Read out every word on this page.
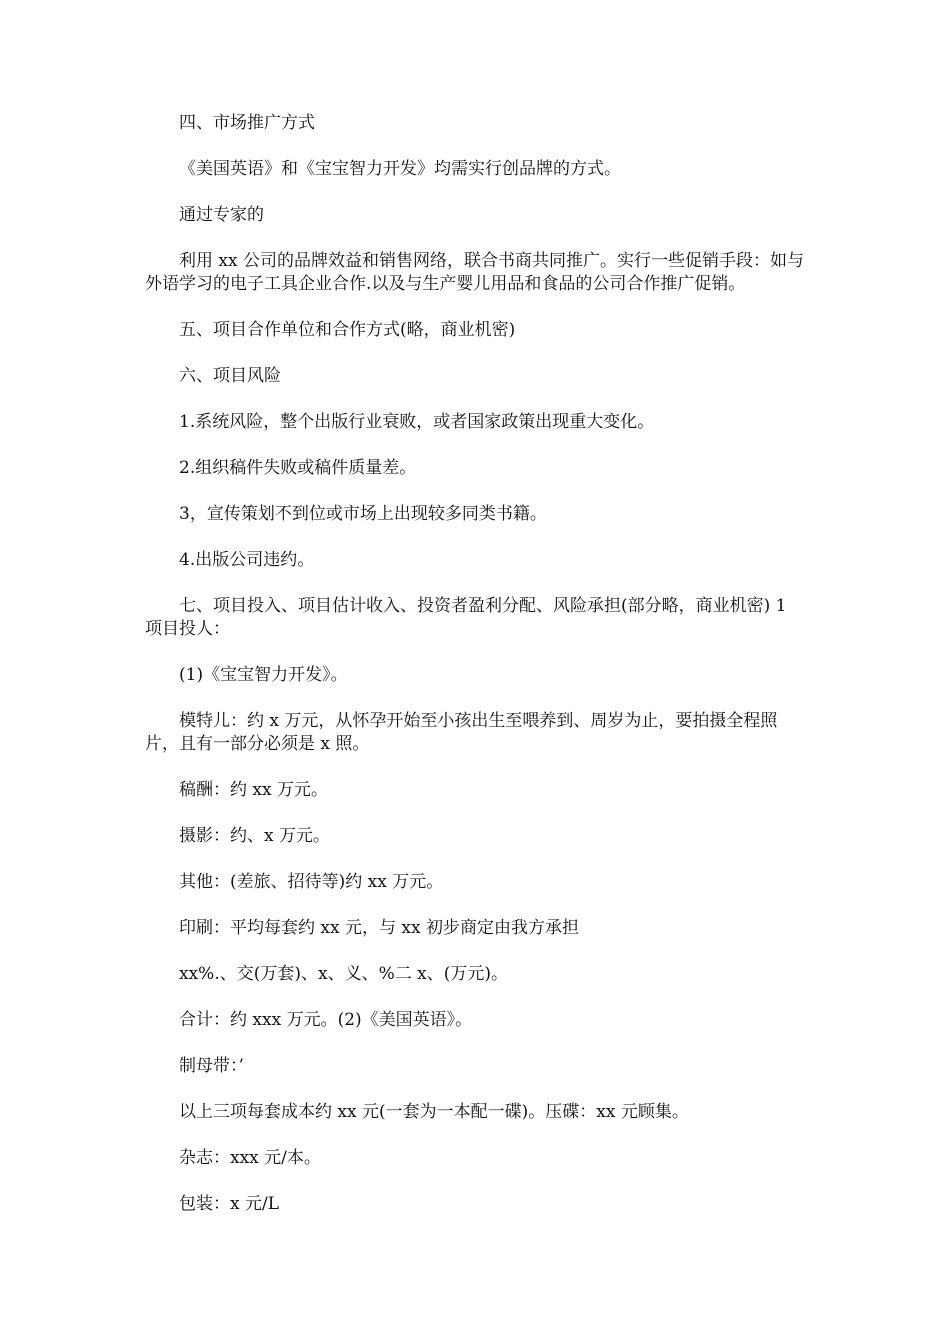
四、市场推广方式

《美国英语》和《宝宝智力开发》均需实行创品牌的方式。

通过专家的

利用 xx 公司的品牌效益和销售网络，联合书商共同推广。实行一些促销手段：如与外语学习的电子工具企业合作.以及与生产婴儿用品和食品的公司合作推广促销。

五、项目合作单位和合作方式(略，商业机密)

六、项目风险

1.系统风险，整个出版行业衰败，或者国家政策出现重大变化。

2.组织稿件失败或稿件质量差。

3，宣传策划不到位或市场上出现较多同类书籍。

4.出版公司违约。

七、项目投入、项目估计收入、投资者盈利分配、风险承担(部分略，商业机密) 1 项目投人：

(1)《宝宝智力开发》。

模特儿：约 x 万元，从怀孕开始至小孩出生至喂养到、周岁为止，要拍摄全程照片，且有一部分必须是 x 照。

稿酬：约 xx 万元。

摄影：约、x 万元。

其他：(差旅、招待等)约 xx 万元。

印刷：平均每套约 xx 元，与 xx 初步商定由我方承担

xx%.、交(万套)、x、义、%二 x、(万元)。

合计：约 xxx 万元。(2)《美国英语》。

制母带：’

以上三项每套成本约 xx 元(一套为一本配一碟)。压碟：xx 元顾集。

杂志：xxx 元/本。

包装：x 元/L
